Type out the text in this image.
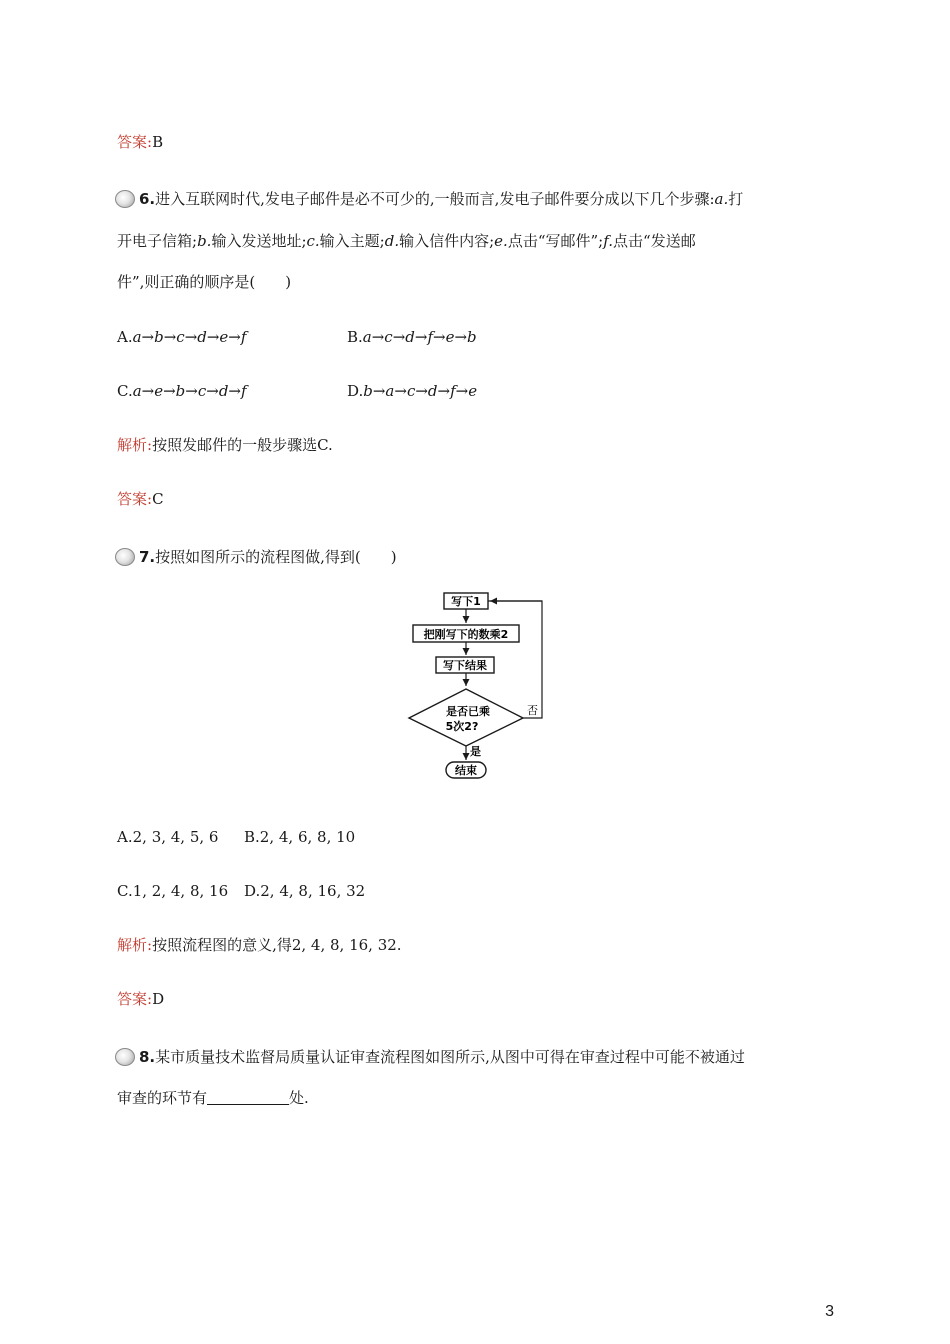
答案:B
6.进入互联网时代,发电子邮件是必不可少的,一般而言,发电子邮件要分成以下几个步骤:a.打
开电子信箱;b.输入发送地址;c.输入主题;d.输入信件内容;e.点击“写邮件”;f.点击“发送邮
件”,则正确的顺序是(　　)
A.a→b→c→d→e→f	B.a→c→d→f→e→b
C.a→e→b→c→d→f	D.b→a→c→d→f→e
解析:按照发邮件的一般步骤选C.
答案:C
7.按照如图所示的流程图做,得到(　　)
写下1
把刚写下的数乘2
写下结果
是否已乘
5次2?
否
是
结束
A.2, 3, 4, 5, 6 B.2, 4, 6, 8, 10
C.1, 2, 4, 8, 16 D.2, 4, 8, 16, 32
解析:按照流程图的意义,得2, 4, 8, 16, 32.
答案:D
8.某市质量技术监督局质量认证审查流程图如图所示,从图中可得在审查过程中可能不被通过
审查的环节有	处.
3
